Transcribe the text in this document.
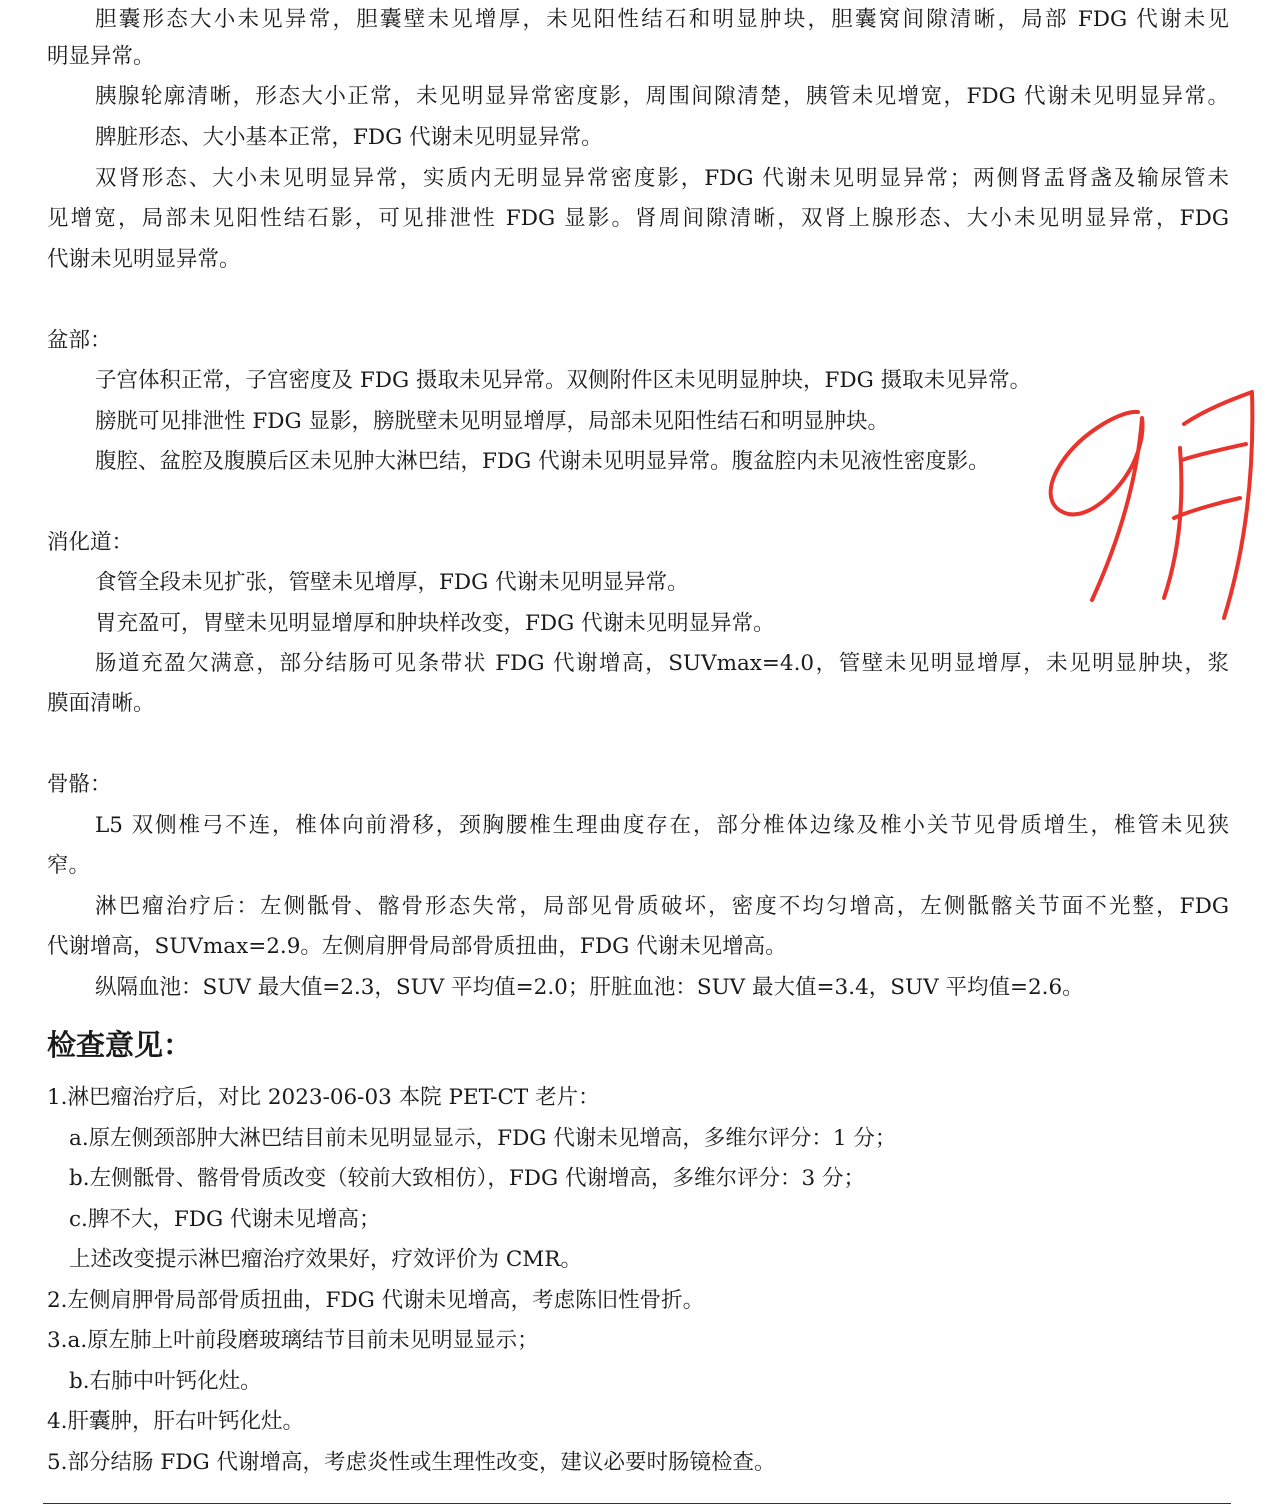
胆囊形态大小未见异常，胆囊壁未见增厚，未见阳性结石和明显肿块，胆囊窝间隙清晰，局部 FDG 代谢未见
明显异常。
胰腺轮廓清晰，形态大小正常，未见明显异常密度影，周围间隙清楚，胰管未见增宽，FDG 代谢未见明显异常。
脾脏形态、大小基本正常，FDG 代谢未见明显异常。
双肾形态、大小未见明显异常，实质内无明显异常密度影，FDG 代谢未见明显异常；两侧肾盂肾盏及输尿管未
见增宽，局部未见阳性结石影，可见排泄性 FDG 显影。肾周间隙清晰，双肾上腺形态、大小未见明显异常，FDG
代谢未见明显异常。
盆部：
子宫体积正常，子宫密度及 FDG 摄取未见异常。双侧附件区未见明显肿块，FDG 摄取未见异常。
膀胱可见排泄性 FDG 显影，膀胱壁未见明显增厚，局部未见阳性结石和明显肿块。
腹腔、盆腔及腹膜后区未见肿大淋巴结，FDG 代谢未见明显异常。腹盆腔内未见液性密度影。
消化道：
食管全段未见扩张，管壁未见增厚，FDG 代谢未见明显异常。
胃充盈可，胃壁未见明显增厚和肿块样改变，FDG 代谢未见明显异常。
肠道充盈欠满意，部分结肠可见条带状 FDG 代谢增高，SUVmax=4.0，管壁未见明显增厚，未见明显肿块，浆
膜面清晰。
骨骼：
L5 双侧椎弓不连，椎体向前滑移，颈胸腰椎生理曲度存在，部分椎体边缘及椎小关节见骨质增生，椎管未见狭
窄。
淋巴瘤治疗后：左侧骶骨、髂骨形态失常，局部见骨质破坏，密度不均匀增高，左侧骶髂关节面不光整，FDG
代谢增高，SUVmax=2.9。左侧肩胛骨局部骨质扭曲，FDG 代谢未见增高。
纵隔血池：SUV 最大值=2.3，SUV 平均值=2.0；肝脏血池：SUV 最大值=3.4，SUV 平均值=2.6。
检查意见：
1.淋巴瘤治疗后，对比 2023-06-03 本院 PET-CT 老片：
a.原左侧颈部肿大淋巴结目前未见明显显示，FDG 代谢未见增高，多维尔评分：1 分；
b.左侧骶骨、髂骨骨质改变（较前大致相仿），FDG 代谢增高，多维尔评分：3 分；
c.脾不大，FDG 代谢未见增高；
上述改变提示淋巴瘤治疗效果好，疗效评价为 CMR。
2.左侧肩胛骨局部骨质扭曲，FDG 代谢未见增高，考虑陈旧性骨折。
3.a.原左肺上叶前段磨玻璃结节目前未见明显显示；
b.右肺中叶钙化灶。
4.肝囊肿，肝右叶钙化灶。
5.部分结肠 FDG 代谢增高，考虑炎性或生理性改变，建议必要时肠镜检查。
